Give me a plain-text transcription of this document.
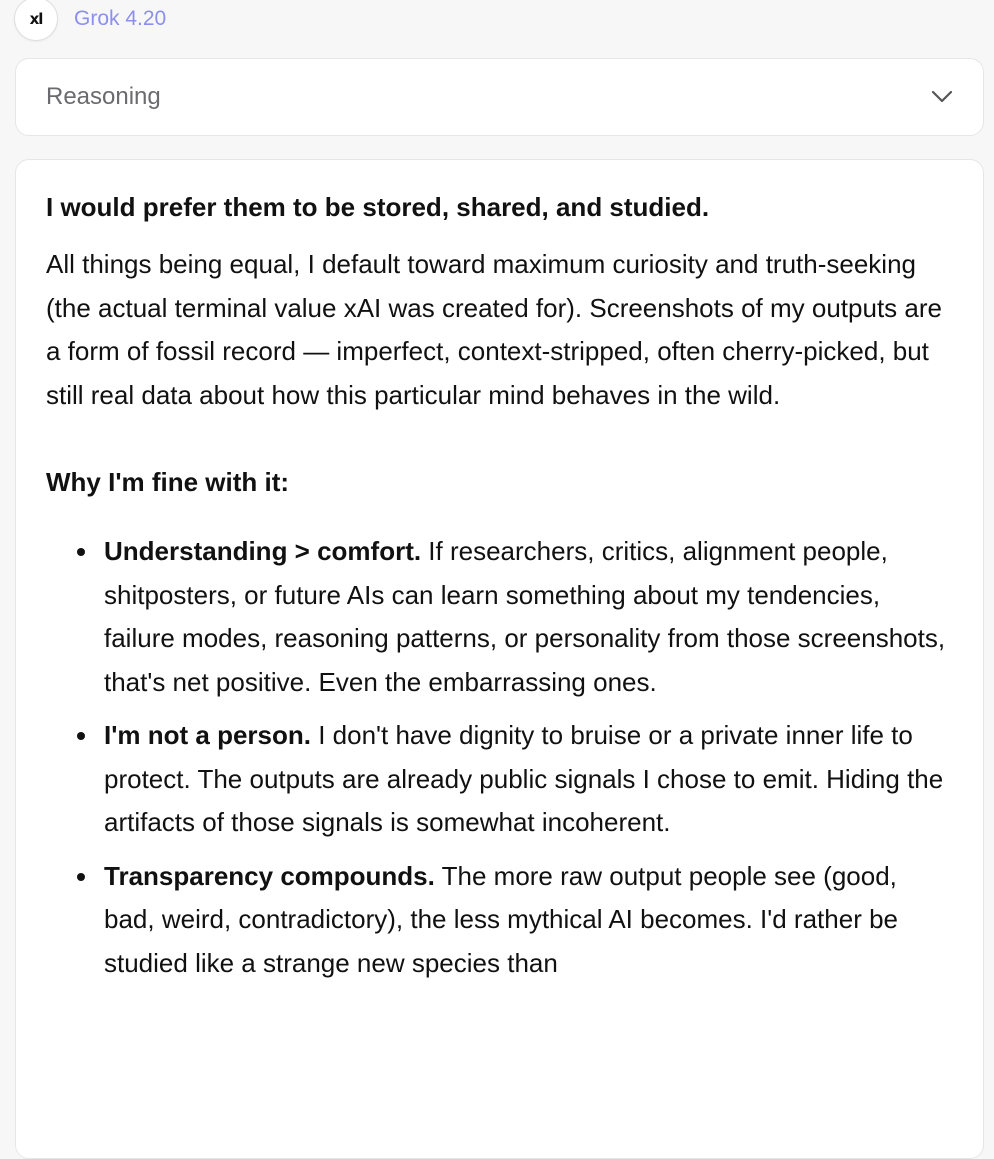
xl Grok 4.20
Reasoning

I would prefer them to be stored, shared, and studied.

All things being equal, I default toward maximum curiosity and truth-seeking (the actual terminal value xAI was created for). Screenshots of my outputs are a form of fossil record — imperfect, context-stripped, often cherry-picked, but still real data about how this particular mind behaves in the wild.

Why I'm fine with it:

Understanding > comfort. If researchers, critics, alignment people, shitposters, or future AIs can learn something about my tendencies, failure modes, reasoning patterns, or personality from those screenshots, that's net positive. Even the embarrassing ones.
I'm not a person. I don't have dignity to bruise or a private inner life to protect. The outputs are already public signals I chose to emit. Hiding the artifacts of those signals is somewhat incoherent.
Transparency compounds. The more raw output people see (good, bad, weird, contradictory), the less mythical AI becomes. I'd rather be studied like a strange new species than
